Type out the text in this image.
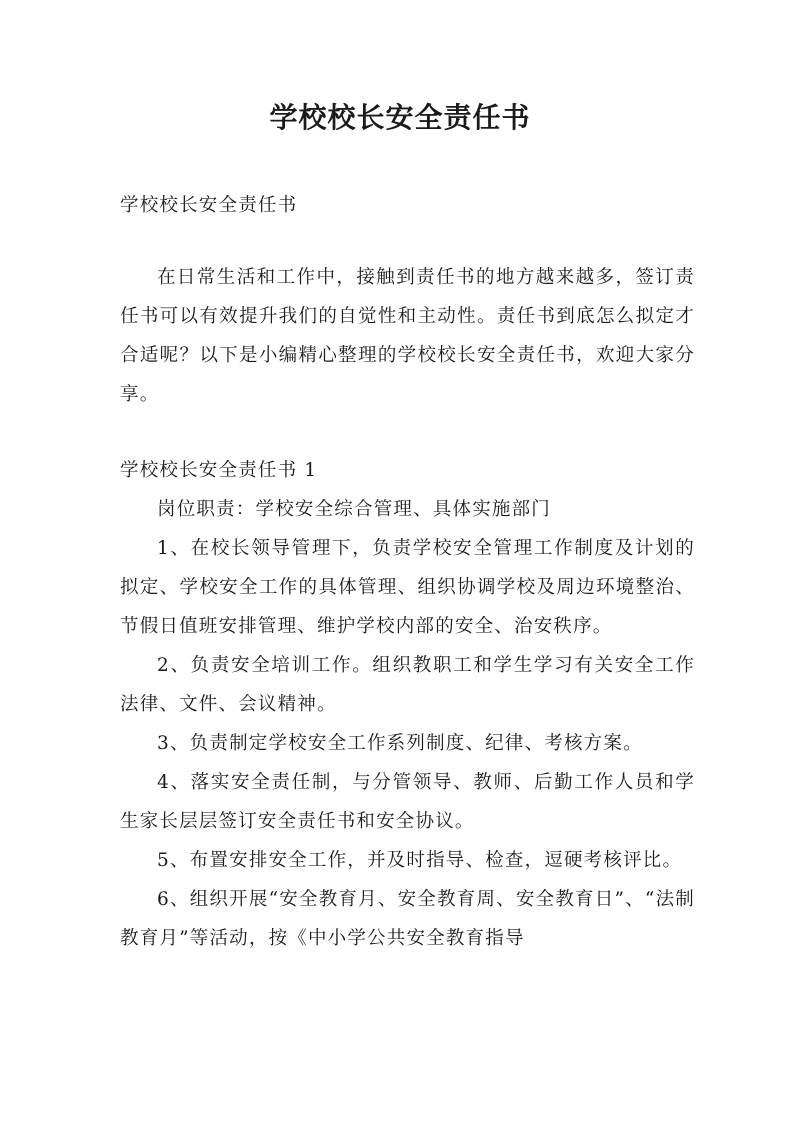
学校校长安全责任书

学校校长安全责任书

在日常生活和工作中，接触到责任书的地方越来越多，签订责任书可以有效提升我们的自觉性和主动性。责任书到底怎么拟定才合适呢？以下是小编精心整理的学校校长安全责任书，欢迎大家分享。

学校校长安全责任书 1

岗位职责：学校安全综合管理、具体实施部门

1、在校长领导管理下，负责学校安全管理工作制度及计划的拟定、学校安全工作的具体管理、组织协调学校及周边环境整治、节假日值班安排管理、维护学校内部的安全、治安秩序。

2、负责安全培训工作。组织教职工和学生学习有关安全工作法律、文件、会议精神。

3、负责制定学校安全工作系列制度、纪律、考核方案。

4、落实安全责任制，与分管领导、教师、后勤工作人员和学生家长层层签订安全责任书和安全协议。

5、布置安排安全工作，并及时指导、检查，逗硬考核评比。

6、组织开展“安全教育月、安全教育周、安全教育日”、“法制教育月”等活动，按《中小学公共安全教育指导
